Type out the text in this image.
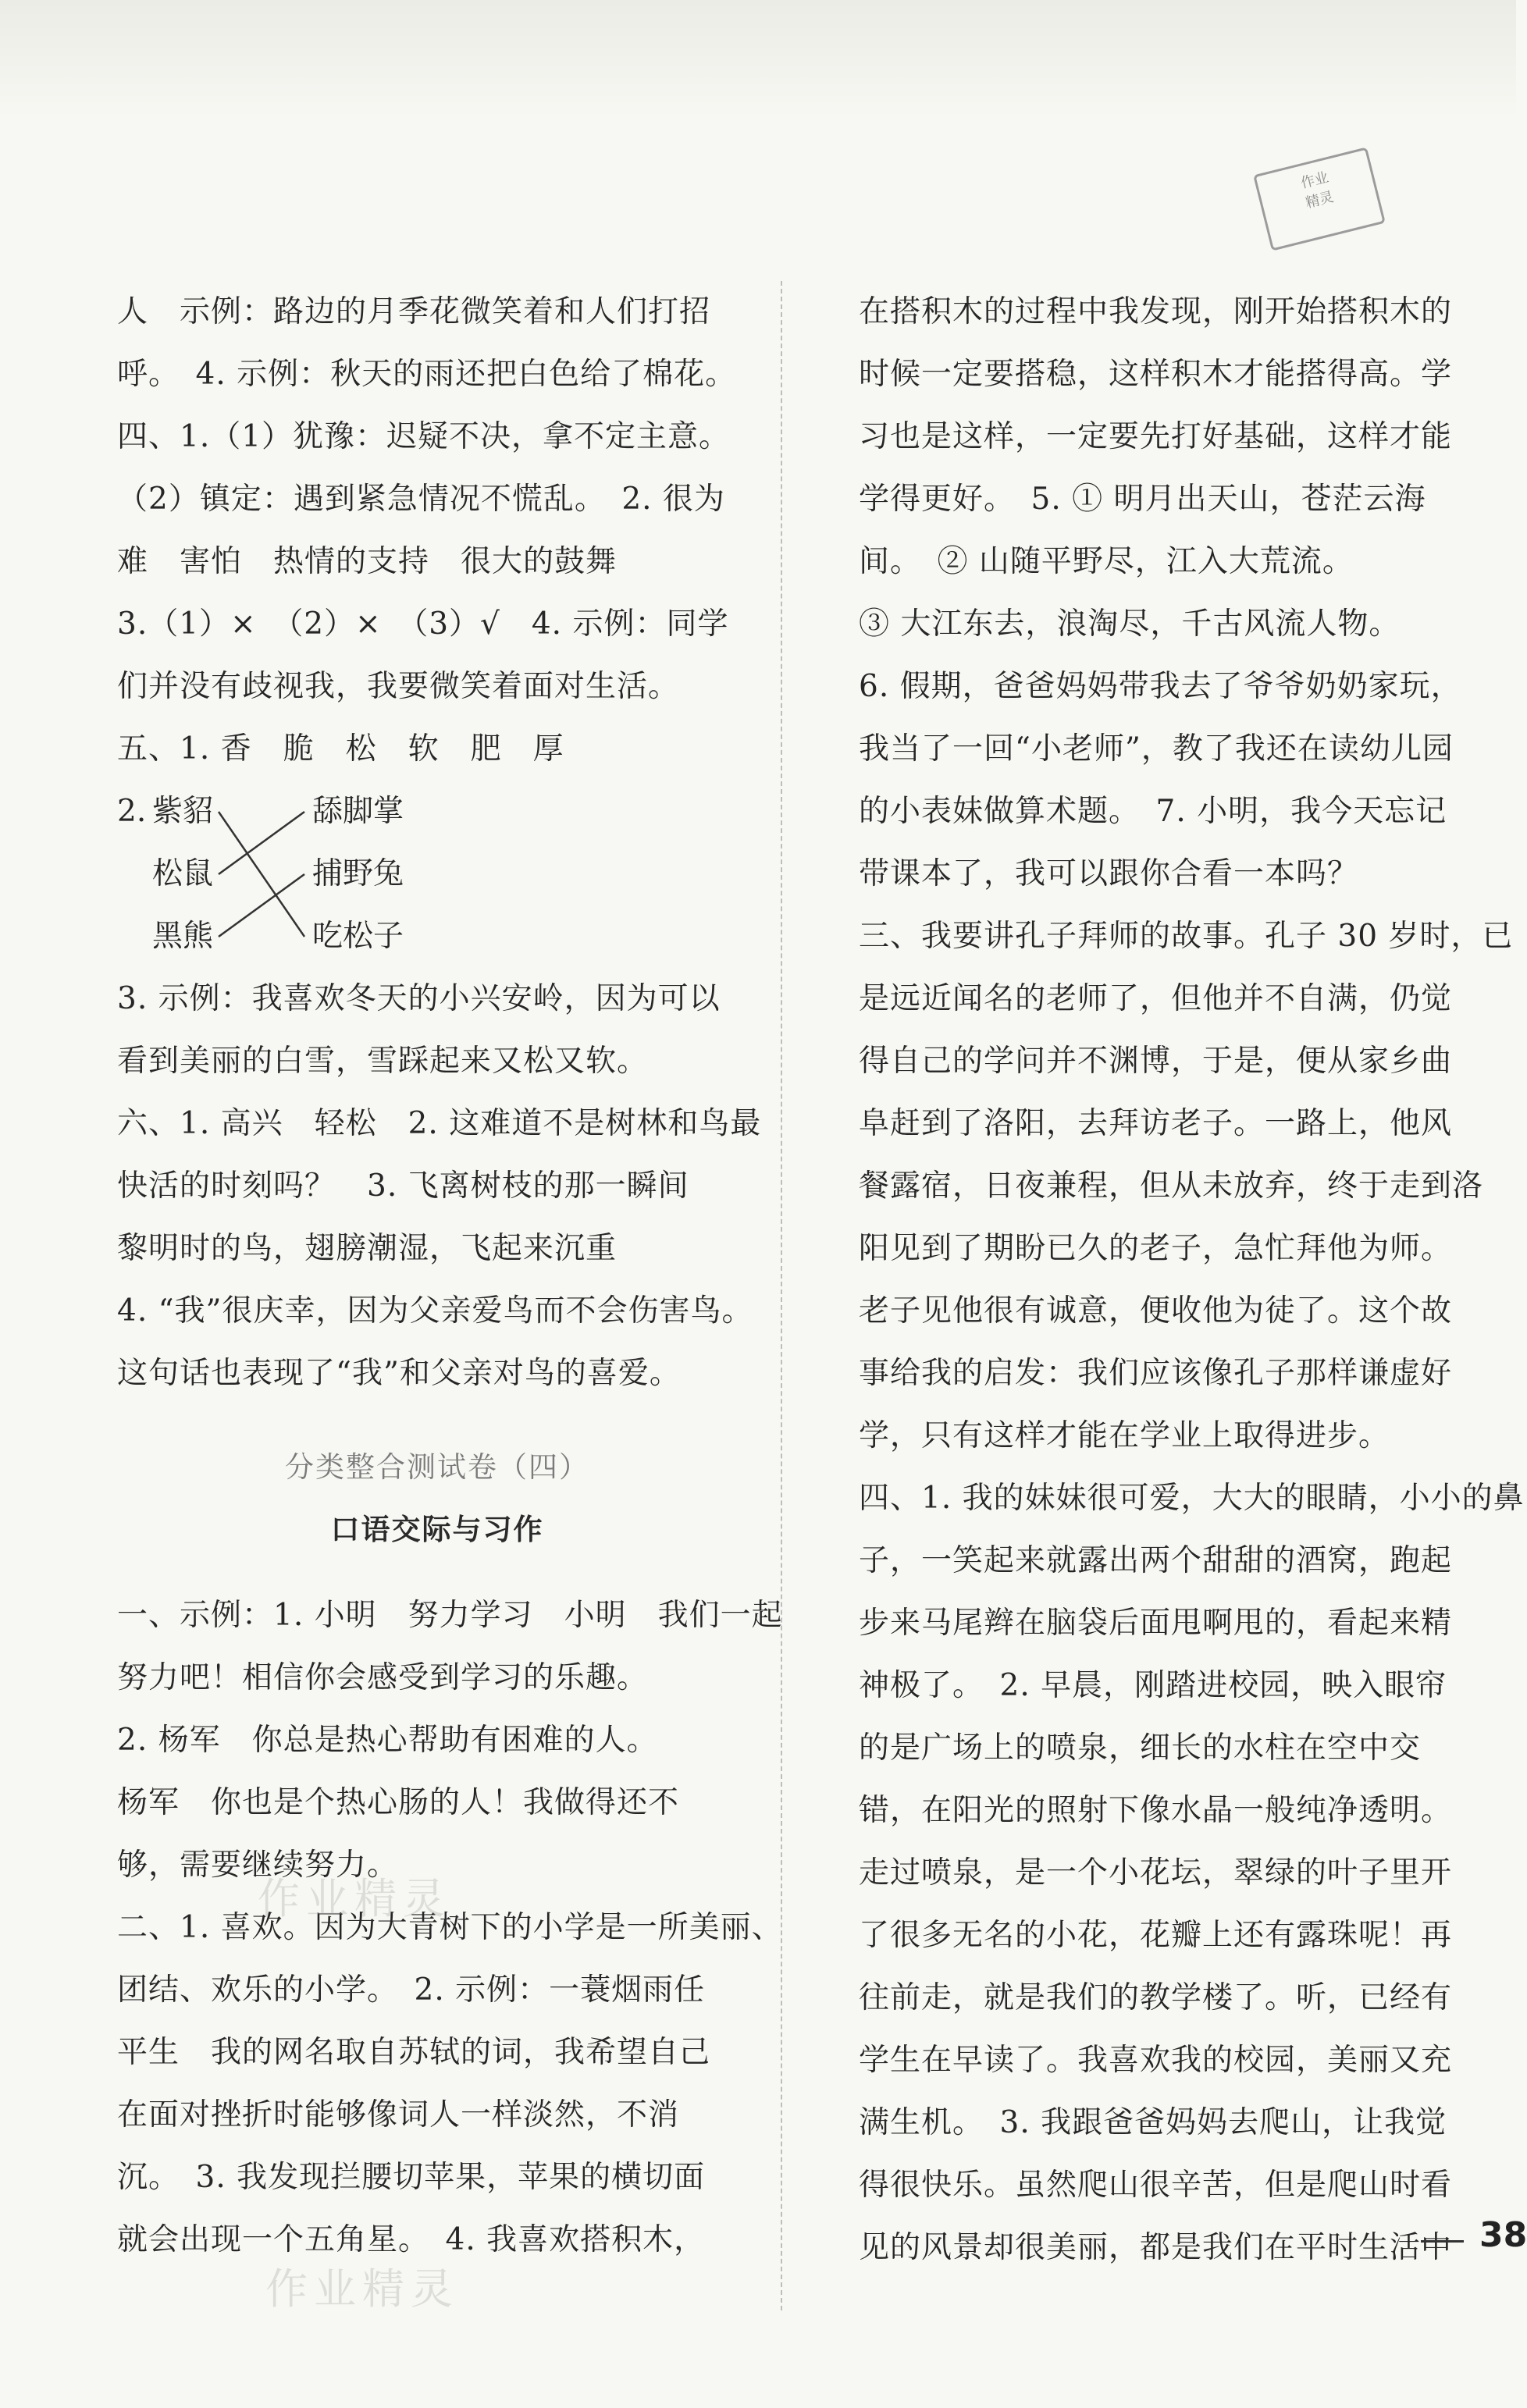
作业
精灵
人　示例：路边的月季花微笑着和人们打招
呼。　4. 示例：秋天的雨还把白色给了棉花。
四、1.（1）犹豫：迟疑不决，拿不定主意。
（2）镇定：遇到紧急情况不慌乱。　2. 很为
难　害怕　热情的支持　很大的鼓舞
3.（1）×　（2）×　（3）√　4. 示例：同学
们并没有歧视我，我要微笑着面对生活。
五、1. 香　脆　松　软　肥　厚
2. 紫貂
松鼠
黑熊
舔脚掌
捕野兔
吃松子
3. 示例：我喜欢冬天的小兴安岭，因为可以
看到美丽的白雪，雪踩起来又松又软。
六、1. 高兴　轻松　2. 这难道不是树林和鸟最
快活的时刻吗？　3. 飞离树枝的那一瞬间
黎明时的鸟，翅膀潮湿，飞起来沉重
4. “我”很庆幸，因为父亲爱鸟而不会伤害鸟。
这句话也表现了“我”和父亲对鸟的喜爱。
分类整合测试卷（四）
口语交际与习作
一、示例：1. 小明　努力学习　小明　我们一起
努力吧！相信你会感受到学习的乐趣。
2. 杨军　你总是热心帮助有困难的人。
杨军　你也是个热心肠的人！我做得还不
够，需要继续努力。
二、1. 喜欢。因为大青树下的小学是一所美丽、
团结、欢乐的小学。　2. 示例：一蓑烟雨任
平生　我的网名取自苏轼的词，我希望自己
在面对挫折时能够像词人一样淡然，不消
沉。　3. 我发现拦腰切苹果，苹果的横切面
就会出现一个五角星。　4. 我喜欢搭积木，
在搭积木的过程中我发现，刚开始搭积木的
时候一定要搭稳，这样积木才能搭得高。学
习也是这样，一定要先打好基础，这样才能
学得更好。　5. ① 明月出天山，苍茫云海
间。　② 山随平野尽，江入大荒流。
③ 大江东去，浪淘尽，千古风流人物。
6. 假期，爸爸妈妈带我去了爷爷奶奶家玩，
我当了一回“小老师”，教了我还在读幼儿园
的小表妹做算术题。　7. 小明，我今天忘记
带课本了，我可以跟你合看一本吗？
三、我要讲孔子拜师的故事。孔子 30 岁时，已
是远近闻名的老师了，但他并不自满，仍觉
得自己的学问并不渊博，于是，便从家乡曲
阜赶到了洛阳，去拜访老子。一路上，他风
餐露宿，日夜兼程，但从未放弃，终于走到洛
阳见到了期盼已久的老子，急忙拜他为师。
老子见他很有诚意，便收他为徒了。这个故
事给我的启发：我们应该像孔子那样谦虚好
学，只有这样才能在学业上取得进步。
四、1. 我的妹妹很可爱，大大的眼睛，小小的鼻
子，一笑起来就露出两个甜甜的酒窝，跑起
步来马尾辫在脑袋后面甩啊甩的，看起来精
神极了。　2. 早晨，刚踏进校园，映入眼帘
的是广场上的喷泉，细长的水柱在空中交
错，在阳光的照射下像水晶一般纯净透明。
走过喷泉，是一个小花坛，翠绿的叶子里开
了很多无名的小花，花瓣上还有露珠呢！再
往前走，就是我们的教学楼了。听，已经有
学生在早读了。我喜欢我的校园，美丽又充
满生机。　3. 我跟爸爸妈妈去爬山，让我觉
得很快乐。虽然爬山很辛苦，但是爬山时看
见的风景却很美丽，都是我们在平时生活中
作业精灵
作业精灵
38
